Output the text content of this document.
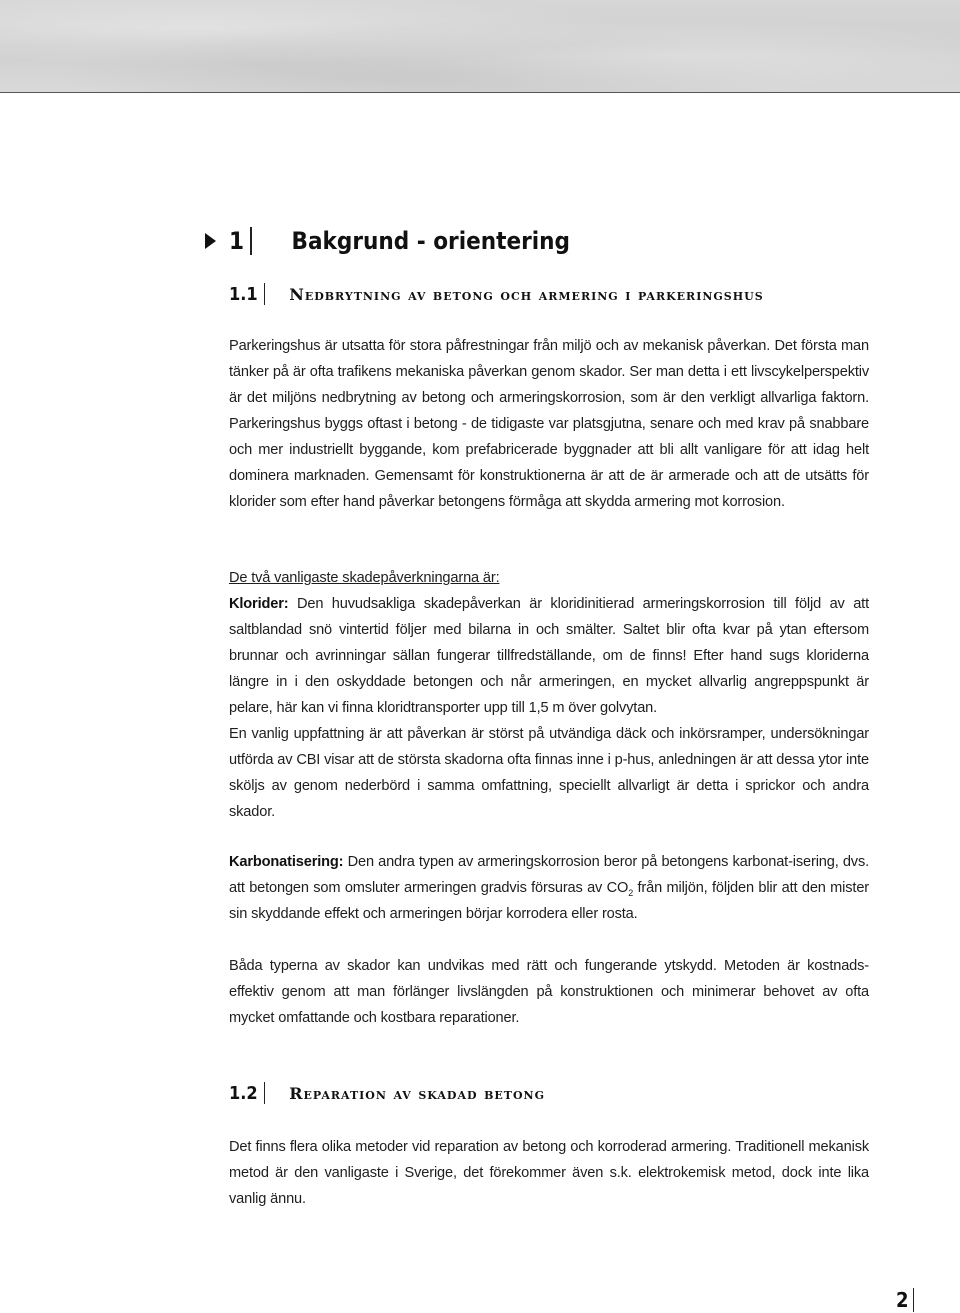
1 Bakgrund - orientering
1.1 Nedbrytning av betong och armering i parkeringshus

Parkeringshus är utsatta för stora påfrestningar från miljö och av mekanisk påverkan. Det första man tänker på är ofta trafikens mekaniska påverkan genom skador. Ser man detta i ett livscykelperspektiv är det miljöns nedbrytning av betong och armeringskorrosion, som är den verkligt allvarliga faktorn. Parkeringshus byggs oftast i betong - de tidigaste var platsgjutna, senare och med krav på snabbare och mer industriellt byggande, kom prefabricerade byggnader att bli allt vanligare för att idag helt dominera marknaden. Gemensamt för konstruktionerna är att de är armerade och att de utsätts för klorider som efter hand påverkar betongens förmåga att skydda armering mot korrosion.

De två vanligaste skadepåverkningarna är:

Klorider: Den huvudsakliga skadepåverkan är kloridinitierad armeringskorrosion till följd av att saltblandad snö vintertid följer med bilarna in och smälter. Saltet blir ofta kvar på ytan eftersom brunnar och avrinningar sällan fungerar tillfredställande, om de finns! Efter hand sugs kloriderna längre in i den oskyddade betongen och når armeringen, en mycket allvarlig angreppspunkt är pelare, här kan vi finna kloridtransporter upp till 1,5 m över golvytan.

En vanlig uppfattning är att påverkan är störst på utvändiga däck och inkörsramper, undersökningar utförda av CBI visar att de största skadorna ofta finnas inne i p-hus, anledningen är att dessa ytor inte sköljs av genom nederbörd i samma omfattning, speciellt allvarligt är detta i sprickor och andra skador.

Karbonatisering: Den andra typen av armeringskorrosion beror på betongens karbonat-isering, dvs. att betongen som omsluter armeringen gradvis försuras av $CO_2$ från miljön, följden blir att den mister sin skyddande effekt och armeringen börjar korrodera eller rosta.

Båda typerna av skador kan undvikas med rätt och fungerande ytskydd. Metoden är kostnads-effektiv genom att man förlänger livslängden på konstruktionen och minimerar behovet av ofta mycket omfattande och kostbara reparationer.

1.2 Reparation av skadad betong

Det finns flera olika metoder vid reparation av betong och korroderad armering. Traditionell mekanisk metod är den vanligaste i Sverige, det förekommer även s.k. elektrokemisk metod, dock inte lika vanlig ännu.

2
